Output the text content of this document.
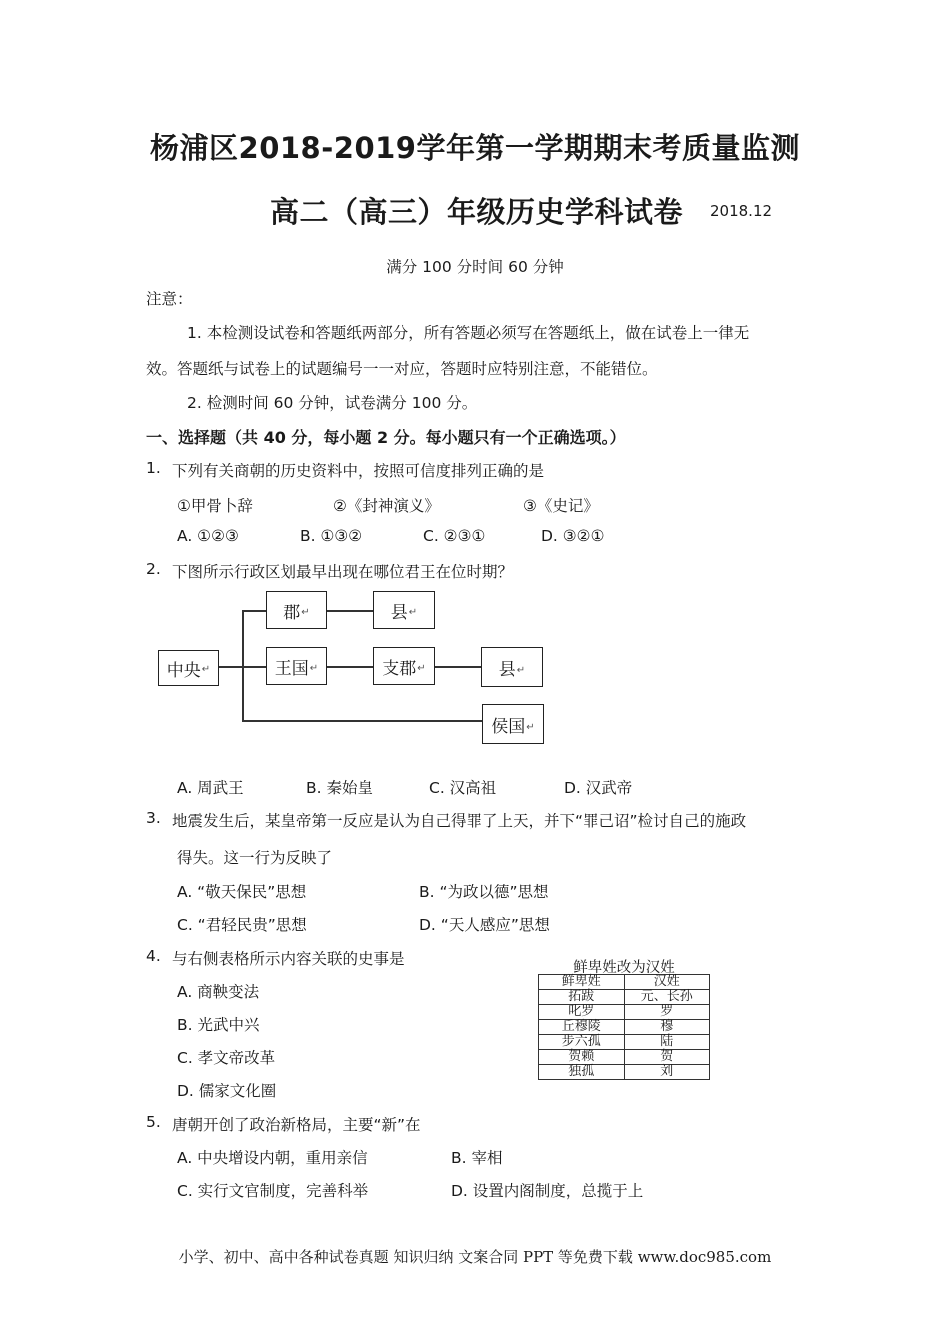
杨浦区2018-2019学年第一学期期末考质量监测
高二（高三）年级历史学科试卷 2018.12
满分 100 分时间 60 分钟
注意：
1. 本检测设试卷和答题纸两部分，所有答题必须写在答题纸上，做在试卷上一律无
效。答题纸与试卷上的试题编号一一对应，答题时应特别注意，不能错位。
2. 检测时间 60 分钟，试卷满分 100 分。
一、选择题（共 40 分，每小题 2 分。每小题只有一个正确选项。）
1. 下列有关商朝的历史资料中，按照可信度排列正确的是
①甲骨卜辞	②《封神演义》	③《史记》
A. ①②③	B. ①③②	C. ②③①	D. ③②①
2. 下图所示行政区划最早出现在哪位君王在位时期？
中央 ↵
郡 ↵	县 ↵
王国 ↵	支郡 ↵	县 ↵
侯国 ↵
A. 周武王	B. 秦始皇	C. 汉高祖	D. 汉武帝
3. 地震发生后，某皇帝第一反应是认为自己得罪了上天，并下“罪己诏”检讨自己的施政
得失。这一行为反映了
A. “敬天保民”思想	B. “为政以德”思想
C. “君轻民贵”思想	D. “天人感应”思想
4. 与右侧表格所示内容关联的史事是
A. 商鞅变法
B. 光武中兴
C. 孝文帝改革
D. 儒家文化圈
鲜卑姓改为汉姓
鲜卑姓	汉姓
拓跋	元、长孙
叱罗	罗
丘穆陵	穆
步六孤	陆
贺赖	贺
独孤	刘
5. 唐朝开创了政治新格局，主要“新”在
A. 中央增设内朝，重用亲信	B. 宰相
C. 实行文官制度，完善科举	D. 设置内阁制度，总揽于上
小学、初中、高中各种试卷真题 知识归纳 文案合同 PPT 等免费下载 www.doc985.com
